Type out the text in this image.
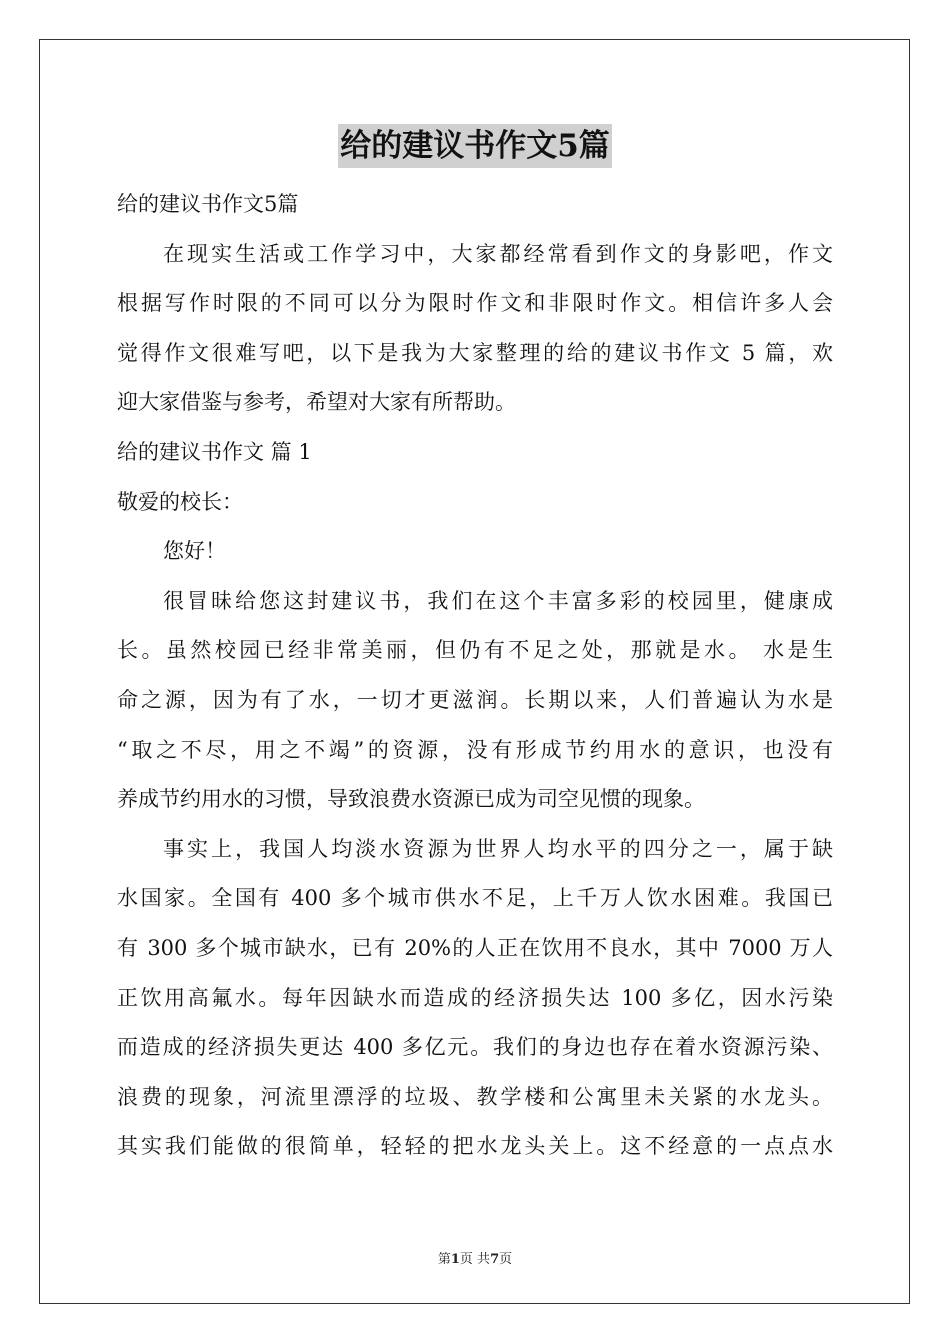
给的建议书作文5篇

给的建议书作文5篇

在现实生活或工作学习中，大家都经常看到作文的身影吧，作文

根据写作时限的不同可以分为限时作文和非限时作文。相信许多人会

觉得作文很难写吧，以下是我为大家整理的给的建议书作文 5 篇，欢

迎大家借鉴与参考，希望对大家有所帮助。

给的建议书作文 篇 1

敬爱的校长：

您好！

很冒昧给您这封建议书，我们在这个丰富多彩的校园里，健康成

长。虽然校园已经非常美丽，但仍有不足之处，那就是水。 水是生

命之源，因为有了水，一切才更滋润。长期以来，人们普遍认为水是

“取之不尽，用之不竭”的资源，没有形成节约用水的意识，也没有

养成节约用水的习惯，导致浪费水资源已成为司空见惯的现象。

事实上，我国人均淡水资源为世界人均水平的四分之一，属于缺

水国家。全国有 400 多个城市供水不足，上千万人饮水困难。我国已

有 300 多个城市缺水，已有 20%的人正在饮用不良水，其中 7000 万人

正饮用高氟水。每年因缺水而造成的经济损失达 100 多亿，因水污染

而造成的经济损失更达 400 多亿元。我们的身边也存在着水资源污染、

浪费的现象，河流里漂浮的垃圾、教学楼和公寓里未关紧的水龙头。

其实我们能做的很简单，轻轻的把水龙头关上。这不经意的一点点水

第1页 共7页
